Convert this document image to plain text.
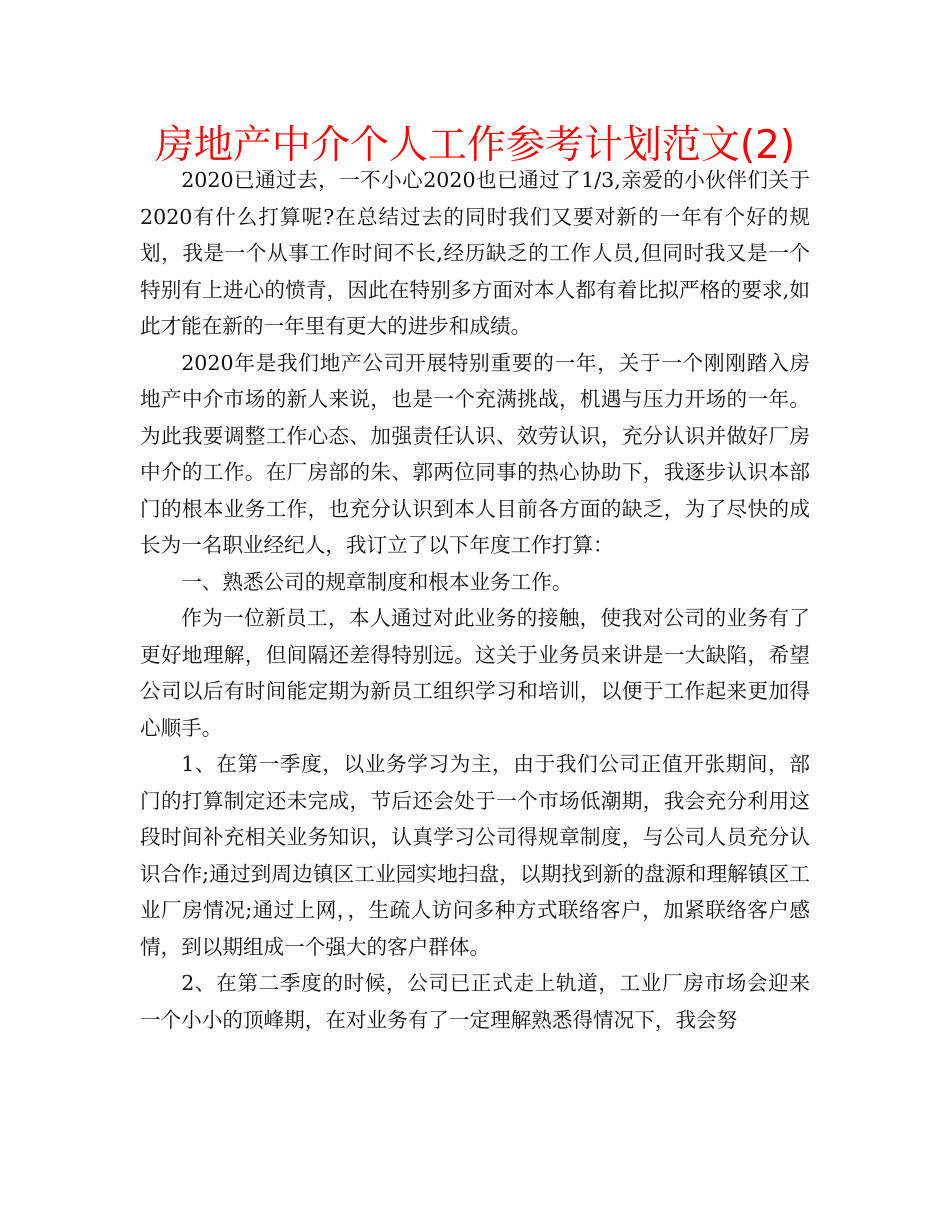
房地产中介个人工作参考计划范文(2)

2020已通过去，一不小心2020也已通过了1/3,亲爱的小伙伴们关于2020有什么打算呢?在总结过去的同时我们又要对新的一年有个好的规划，我是一个从事工作时间不长,经历缺乏的工作人员,但同时我又是一个特别有上进心的愤青，因此在特别多方面对本人都有着比拟严格的要求,如此才能在新的一年里有更大的进步和成绩。

2020年是我们地产公司开展特别重要的一年，关于一个刚刚踏入房地产中介市场的新人来说，也是一个充满挑战，机遇与压力开场的一年。为此我要调整工作心态、加强责任认识、效劳认识，充分认识并做好厂房中介的工作。在厂房部的朱、郭两位同事的热心协助下，我逐步认识本部门的根本业务工作，也充分认识到本人目前各方面的缺乏，为了尽快的成长为一名职业经纪人，我订立了以下年度工作打算：

一、熟悉公司的规章制度和根本业务工作。

作为一位新员工，本人通过对此业务的接触，使我对公司的业务有了更好地理解，但间隔还差得特别远。这关于业务员来讲是一大缺陷，希望公司以后有时间能定期为新员工组织学习和培训，以便于工作起来更加得心顺手。

1、在第一季度，以业务学习为主，由于我们公司正值开张期间，部门的打算制定还未完成，节后还会处于一个市场低潮期，我会充分利用这段时间补充相关业务知识，认真学习公司得规章制度，与公司人员充分认识合作;通过到周边镇区工业园实地扫盘，以期找到新的盘源和理解镇区工业厂房情况;通过上网，，生疏人访问多种方式联络客户，加紧联络客户感情，到以期组成一个强大的客户群体。

2、在第二季度的时候，公司已正式走上轨道，工业厂房市场会迎来一个小小的顶峰期，在对业务有了一定理解熟悉得情况下，我会努
